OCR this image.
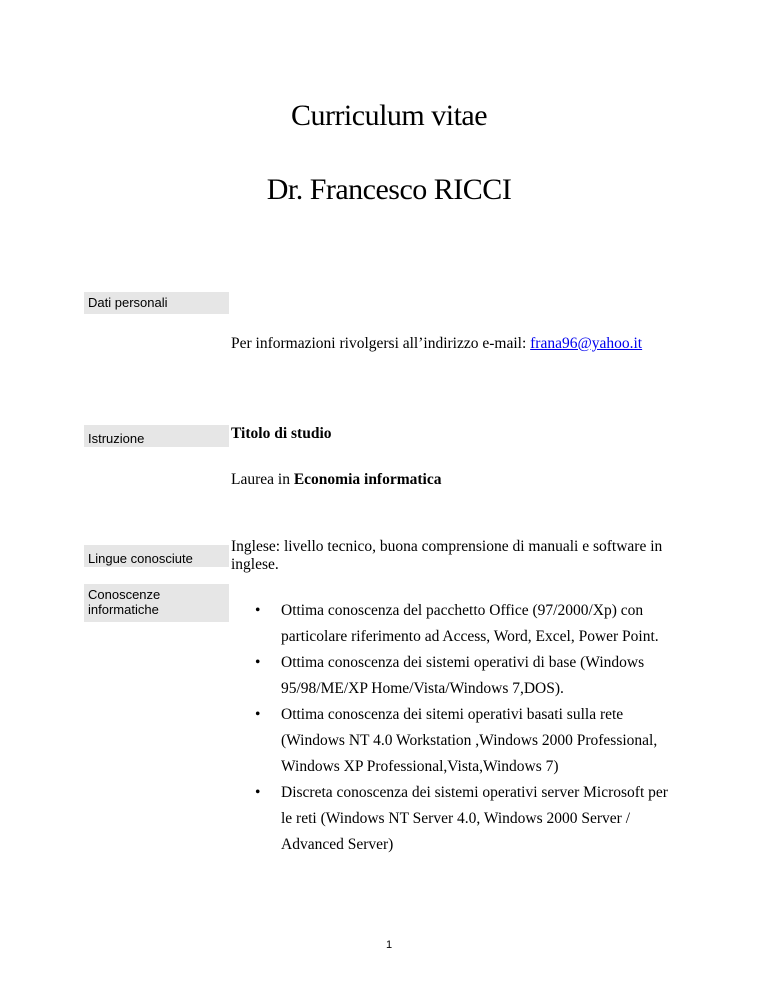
Curriculum vitae
Dr. Francesco RICCI
Dati personali

Per informazioni rivolgersi all’indirizzo e-mail: frana96@yahoo.it

Istruzione	Titolo di studio

Laurea in Economia informatica

Lingue conosciute

Inglese: livello tecnico, buona comprensione di manuali e software in inglese.

Conoscenze informatiche	• Ottima conoscenza del pacchetto Office (97/2000/Xp) con particolare riferimento ad Access, Word, Excel, Power Point.
• Ottima conoscenza dei sistemi operativi di base (Windows 95/98/ME/XP Home/Vista/Windows 7,DOS).
• Ottima conoscenza dei sitemi operativi basati sulla rete (Windows NT 4.0 Workstation ,Windows 2000 Professional, Windows XP Professional,Vista,Windows 7)
• Discreta conoscenza dei sistemi operativi server Microsoft per le reti (Windows NT Server 4.0, Windows 2000 Server / Advanced Server)
1
